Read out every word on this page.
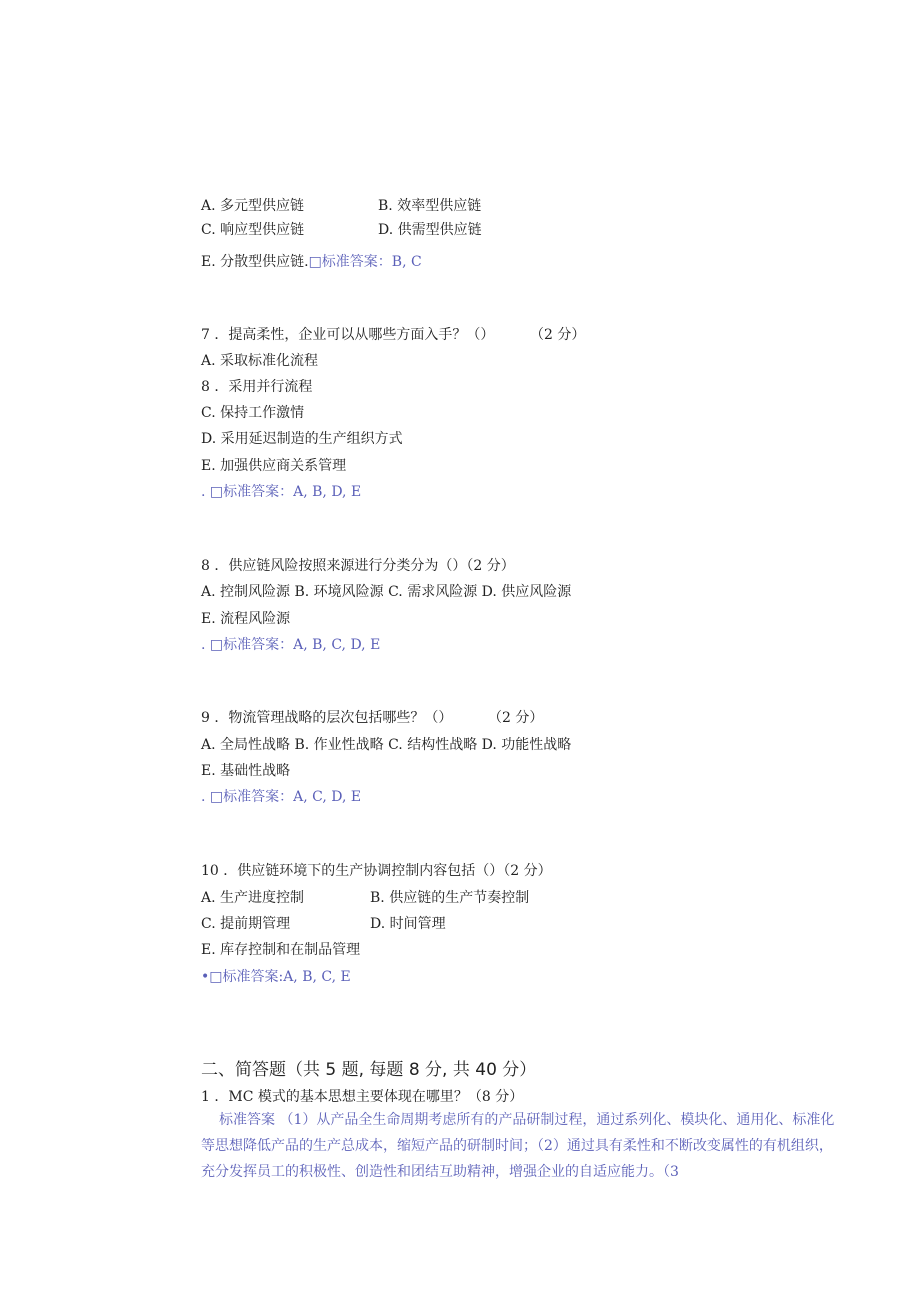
A. 多元型供应链	B. 效率型供应链
C. 响应型供应链	D. 供需型供应链
E. 分散型供应链.□标准答案：B, C
7 ．提高柔性，企业可以从哪些方面入手？（）        （2 分）
A. 采取标准化流程
8 ．采用并行流程
C. 保持工作激情
D. 采用延迟制造的生产组织方式
E. 加强供应商关系管理
. □标准答案：A, B, D, E
8 ．供应链风险按照来源进行分类分为（）（2 分）
A. 控制风险源 B. 环境风险源 C. 需求风险源 D. 供应风险源
E. 流程风险源
. □标准答案：A, B, C, D, E
9 ．物流管理战略的层次包括哪些？（）        （2 分）
A. 全局性战略 B. 作业性战略 C. 结构性战略 D. 功能性战略
E. 基础性战略
. □标准答案：A, C, D, E
10 ．供应链环境下的生产协调控制内容包括（）（2 分）
A. 生产进度控制	B. 供应链的生产节奏控制
C. 提前期管理	D. 时间管理
E. 库存控制和在制品管理
•□标准答案:A, B, C, E
二、简答题（共 5 题, 每题 8 分, 共 40 分）
1 ．MC 模式的基本思想主要体现在哪里？（8 分）
标准答案 （1）从产品全生命周期考虑所有的产品研制过程，通过系列化、模块化、通用化、标准化等思想降低产品的生产总成本，缩短产品的研制时间；（2）通过具有柔性和不断改变属性的有机组织，充分发挥员工的积极性、创造性和团结互助精神，增强企业的自适应能力。（3
